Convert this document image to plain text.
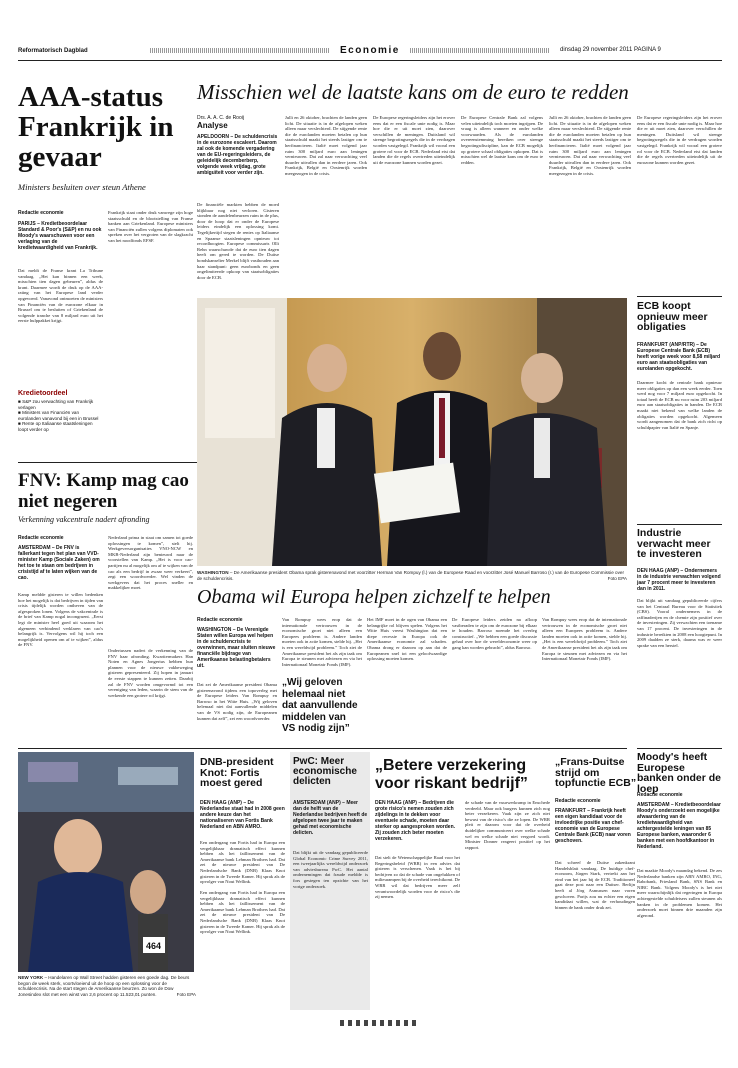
Reformatorisch Dagblad	Economie	dinsdag 29 november 2011 PAGINA 9
AAA-status Frankrijk in gevaar
Ministers besluiten over steun Athene
Redactie economie
PARIJS – Kredietbeoordelaar Standard & Poor's (S&P) en nu ook Moody's waarschuwen voor een verlaging van de kredietwaardigheid van Frankrijk.
Dat meldt de Franse krant La Tribune vandaag. „Het kan binnen een week, misschien tien dagen gebeuren”, aldus de krant. Daarmee wordt de druk op de AAA-rating van het Europese land verder opgevoerd. Vanavond ontmoeten de ministers van Financiën van de eurozone elkaar in Brussel om te besluiten of Griekenland de volgende tranche van 8 miljard euro uit het eerste hulppakket krijgt.
Frankrijk staat onder druk vanwege zijn hoge staatsschuld en de blootstelling van Franse banken aan Griekenland. Europese ministers van Financiën zullen volgens diplomaten ook spreken over het vergroten van de slagkracht van het noodfonds EFSF.
Kredietoordeel
■ S&P zou verwachting van Frankrijk verlagen
■ Ministers van Financiën van eurolanden vanavond bij een in Brussel
■ Rente op Italiaanse staatsleningen loopt verder op
Misschien wel de laatste kans om de euro te redden
Drs. A. A. C. de Rooij
Analyse
APELDOORN – De schuldencrisis in de eurozone escaleert. Daarom zal ook de komende vergadering van de EU-regeringsleiders, de geleidelijk decemberberp, volgende week vrijdag, grote ambiguïteit voor verder zijn.
De financiële markten hebben de moed blijkbaar nog niet verloren. Gisteren stonden de aandelenbeurzen ruim in de plus, door de hoop dat er onder de Europese leiders eindelijk een oplossing komt. Tegelijkertijd stegen de rentes op Italiaanse en Spaanse staatsleningen opnieuw tot recordhoogten. Europese commissaris Olli Rehn waarschuwde dat de euro tien dagen heeft om gered te worden. De Duitse bondskanselier Merkel blijft vasthouden aan haar standpunt: geen eurobonds en geen ongelimiteerde opkoop van staatsobligaties door de ECB.
Julli en 26 oktober, brachten de landen geen licht. De situatie is in de afgelopen weken alleen maar verslechterd. De stijgende rente die de eurolanden moeten betalen op hun staatsschuld maakt het steeds lastiger om te herfinancieren. Italië moet volgend jaar ruim 300 miljard euro aan leningen vernieuwen. Dat zal naar verwachting veel duurder uitvallen dan in eerdere jaren. Ook Frankrijk, België en Oostenrijk worden meegezogen in de crisis.
De Europese regeringsleiders zijn het erover eens dat er een fiscale unie nodig is. Maar hoe die er uit moet zien, daarover verschillen de meningen. Duitsland wil strenge begrotingsregels die in de verdragen worden vastgelegd. Frankrijk wil vooral een grotere rol voor de ECB. Nederland eist dat landen die de regels overtreden uiteindelijk uit de eurozone kunnen worden gezet.
De Europese Centrale Bank zal volgens velen uiteindelijk toch moeten ingrijpen. De vraag is alleen wanneer en onder welke voorwaarden. Als de eurolanden overeenstemming bereiken over strenge begrotingsdiscipline, kan de ECB mogelijk op grotere schaal obligaties opkopen. Dat is misschien wel de laatste kans om de euro te redden.
Julli en 26 oktober, brachten de landen geen licht. De situatie is in de afgelopen weken alleen maar verslechterd. De stijgende rente die de eurolanden moeten betalen op hun staatsschuld maakt het steeds lastiger om te herfinancieren. Italië moet volgend jaar ruim 300 miljard euro aan leningen vernieuwen. Dat zal naar verwachting veel duurder uitvallen dan in eerdere jaren. Ook Frankrijk, België en Oostenrijk worden meegezogen in de crisis.
De Europese regeringsleiders zijn het erover eens dat er een fiscale unie nodig is. Maar hoe die er uit moet zien, daarover verschillen de meningen. Duitsland wil strenge begrotingsregels die in de verdragen worden vastgelegd. Frankrijk wil vooral een grotere rol voor de ECB. Nederland eist dat landen die de regels overtreden uiteindelijk uit de eurozone kunnen worden gezet.
WASHINGTON – De Amerikaanse president Obama sprak gisterenavond met voorzitter Herman Van Rompuy (l.) van de Europese Raad en voorzitter José Manuel Barroso (r.) van de Europese Commissie over de schuldencrisis.	Foto EPA
ECB koopt opnieuw meer obligaties
FRANKFURT (ANP/RTR) – De Europese Centrale Bank (ECB) heeft vorige week voor 8,58 miljard euro aan staatsobligaties van eurolanden opgekocht.
Daarmee kocht de centrale bank opnieuw meer obligaties op dan een week eerder. Toen werd nog voor 7 miljard euro opgekocht. In totaal heeft de ECB nu voor ruim 203 miljard euro aan staatsobligaties in handen. De ECB maakt niet bekend van welke landen de obligaties worden opgekocht. Algemeen wordt aangenomen dat de bank zich richt op schuldpapier van Italië en Spanje.
Industrie verwacht meer te investeren
DEN HAAG (ANP) – Ondernemers in de industrie verwachten volgend jaar 7 procent meer te investeren dan in 2011.
Dat blijkt uit vandaag gepubliceerde cijfers van het Centraal Bureau voor de Statistiek (CBS). Vooral ondernemers in de raffinaderijen en de chemie zijn positief over de investeringen. Zij verwachten een toename van 17 procent. De investeringen in de industrie bereikten in 2008 een hoogtepunt. In 2009 daalden ze sterk, daarna was er weer sprake van een herstel.
FNV: Kamp mag cao niet negeren
Verkenning vakcentrale nadert afronding
Redactie economie
AMSTERDAM – De FNV is fallerkant tegen het plan van VVD-minister Kamp (Sociale Zaken) om het toe te staan om bedrijven in crisistijd af te laten wijken van de cao.
Kamp meldde gisteren te willen bedenken hoe het mogelijk is dat bedrijven in tijden van crisis tijdelijk worden ontheven van de afgesproken lonen. Volgens de vakcentrale is de brief van Kamp nogal incongruent. „Eerst legt de minister heel goed uit waarom het algemeen verbindend verklaren van cao's belangrijk is. Vervolgens wil hij toch een mogelijkheid openen om af te wijken”, aldus de FNV.
Nederland prima in staat om samen tot goede oplossingen te komen”, stelt hij. Werkgeversorganisaties VNO-NCW en MKB-Nederland zijn benieuwd naar de voorstellen van Kamp. „Het is voor cao-partijen nu al mogelijk om af te wijken van de cao als een bedrijf in zwaar weer verkeert”, zegt een woordvoerder. Wel vinden de werkgevers dat het proces sneller en makkelijker moet.
Ondertussen nadert de verkenning van de FNV haar afronding. Kwartiermakers Han Noten en Agnes Jongerius hebben hun plannen voor de nieuwe vakbeweging gisteren gepresenteerd. Zij hopen in januari de eerste stappen te kunnen zetten. Daarbij zal de FNV worden omgevormd tot een vereniging van leden, waarin de stem van de werkende een grotere rol krijgt.
Obama wil Europa helpen zichzelf te helpen
Redactie economie
WASHINGTON – De Verenigde Staten willen Europa wel helpen in de schuldencrisis te overwinnen, maar sluiten nieuwe financiële bijdrage van Amerikaanse belastingbetalers uit.
Dat zei de Amerikaanse president Obama gisterenavond tijdens een topoverleg met de Europese leiders Van Rompuy en Barroso in het Witte Huis. „Wij geloven helemaal niet dat aanvullende middelen van de VS nodig zijn, de Europeanen kunnen dat zelf”, zei een woordvoerder.
Van Rompuy wees erop dat de internationale vertrouwen in de economische groei niet alleen een Europees probleem is. Andere landen moeten ook in actie komen, stelde hij. „Het is een wereldwijd probleem.” Toch ziet de Amerikaanse president het als zijn taak om Europa te steunen met adviezen en via het Internationaal Monetair Fonds (IMF).
„Wij geloven helemaal niet dat aanvullende middelen van VS nodig zijn”
Het IMF moet in de ogen van Obama een belangrijke rol blijven spelen. Volgens het Witte Huis vreest Washington dat een diepe recessie in Europa ook de Amerikaanse economie zal schaden. Obama drong er daarom op aan dat de Europeanen snel tot een geloofwaardige oplossing moeten komen.
De Europese leiders zeiden na afloop vastberaden te zijn om de eurozone bij elkaar te houden. Barroso noemde het overleg constructief. „We hebben een goede discussie gehad over hoe de wereldeconomie weer op gang kan worden gebracht”, aldus Barroso.
Van Rompuy wees erop dat de internationale vertrouwen in de economische groei niet alleen een Europees probleem is. Andere landen moeten ook in actie komen, stelde hij. „Het is een wereldwijd probleem.” Toch ziet de Amerikaanse president het als zijn taak om Europa te steunen met adviezen en via het Internationaal Monetair Fonds (IMF).
464
NEW YORK – Handelaren op Wall Street hadden gisteren een goede dag. De beurs begon de week sterk, voortvloeiend uit de hoop op een oplossing voor de schuldencrisis. Na de start stegen de Amerikaanse beurzen. Zo won de Dow Jonesindex slot met een winst van 2,6 procent op 11.523,01 punten.	Foto EPA
DNB-president Knot: Fortis moest gered
DEN HAAG (ANP) – De Nederlandse staat had in 2008 geen andere keuze dan het nationaliseren van Fortis Bank Nederland en ABN AMRO.
Een ondergang van Fortis had in Europa een vergelijkbaar dramatisch effect kunnen hebben als het faillissement van de Amerikaanse bank Lehman Brothers had. Dat zei de nieuwe president van De Nederlandsche Bank (DNB) Klaas Knot gisteren in de Tweede Kamer. Hij sprak als de opvolger van Nout Wellink.
Een ondergang van Fortis had in Europa een vergelijkbaar dramatisch effect kunnen hebben als het faillissement van de Amerikaanse bank Lehman Brothers had. Dat zei de nieuwe president van De Nederlandsche Bank (DNB) Klaas Knot gisteren in de Tweede Kamer. Hij sprak als de opvolger van Nout Wellink.
PwC: Meer economische delicten
AMSTERDAM (ANP) – Meer dan de helft van de Nederlandse bedrijven heeft de afgelopen twee jaar te maken gehad met economische delicten.
Dat blijkt uit de vandaag gepubliceerde Global Economic Crime Survey 2011, een tweejaarlijks wereldwijd onderzoek van adviesbureau PwC. Het aantal ondernemingen dat fraude meldde is fors gestegen ten opzichte van het vorige onderzoek.
„Betere verzekering voor riskant bedrijf”
DEN HAAG (ANP) – Bedrijven die grote risico's nemen zouden zich zijdelings in te dekken voor eventuele schade, moeten daar sterker op aangesproken worden. Zij zouden zich beter moeten verzekeren.
Dat stelt de Wetenschappelijke Raad voor het Regeringsbeleid (WRR) in een advies dat gisteren is verschenen. Vaak is het bij bedrijven zo dat de schade van ongelukken of milieurampen bij de overheid terechtkomt. De WRR wil dat bedrijven meer zelf verantwoordelijk worden voor de risico's die zij nemen.
de schade van de vuurwerkramp in Enschede verdeeld. Maar ook burgers kunnen zich nog beter verzekeren. Vaak zijn ze zich niet bewust van de risico's die ze lopen. De WRR pleit er daarom voor dat de overheid duidelijker communiceert over welke schade wel en welke schade niet vergoed wordt. Minister Donner reageert positief op het rapport.
„Frans-Duitse strijd om topfunctie ECB”
Redactie economie
FRANKFURT – Frankrijk heeft een eigen kandidaat voor de invloedrijke positie van chef-economie van de Europese Centrale Bank (ECB) naar voren geschoven.
Dat schreef de Duitse zakenkrant Handelsblatt vandaag. De huidige chef-econoom, Jürgen Stark, vertrekt aan het eind van het jaar bij de ECB. Traditioneel gaat deze post naar een Duitser. Berlijn heeft al Jörg Asmussen naar voren geschoven. Parijs zou nu echter een eigen kandidaat willen, wat de verhoudingen binnen de bank onder druk zet.
Moody's heeft Europese banken onder de loep
Redactie economie
AMSTERDAM – Kredietbeoordelaar Moody's onderzoekt een mogelijke afwaardering van de kredietwaardigheid van achtergestelde leningen van 85 Europese banken, waaronder 6 banken met een hoofdkantoor in Nederland.
Dat maakte Moody's maandag bekend. De zes Nederlandse banken zijn ABN AMRO, ING, Rabobank, Friesland Bank, SNS Bank en NIBC Bank. Volgens Moody's is het niet meer waarschijnlijk dat regeringen in Europa achtergestelde schuldeisers zullen steunen als banken in de problemen komen. Het onderzoek moet binnen drie maanden zijn afgerond.
